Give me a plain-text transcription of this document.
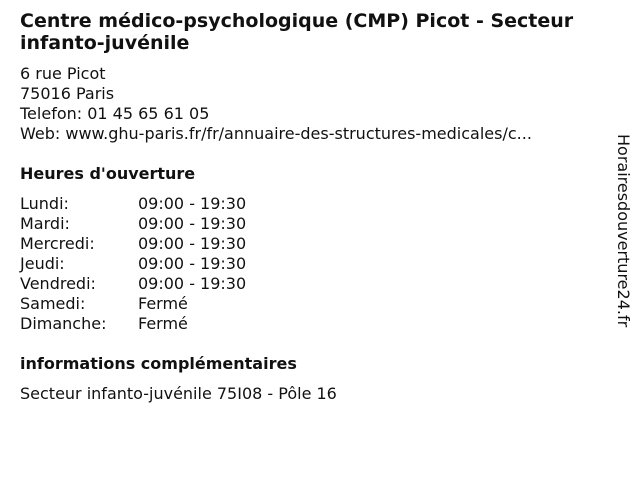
Centre médico-psychologique (CMP) Picot - Secteur infanto-juvénile
6 rue Picot
75016 Paris
Telefon: 01 45 65 61 05
Web: www.ghu-paris.fr/fr/annuaire-des-structures-medicales/c...
Heures d'ouverture
Lundi:	09:00 - 19:30
Mardi:	09:00 - 19:30
Mercredi:	09:00 - 19:30
Jeudi:	09:00 - 19:30
Vendredi:	09:00 - 19:30
Samedi:	Fermé
Dimanche:	Fermé
informations complémentaires
Secteur infanto-juvénile 75I08 - Pôle 16
Horairesdouverture24.fr
